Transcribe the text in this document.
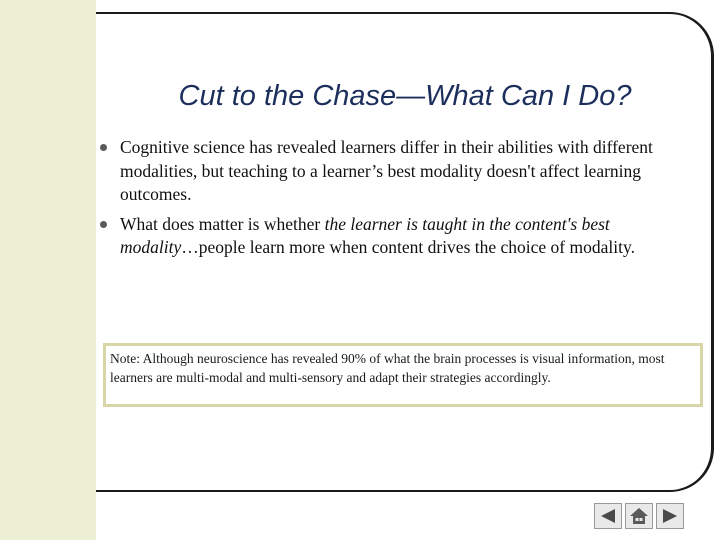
Cut to the Chase—What Can I Do?
Cognitive science has revealed learners differ in their abilities with different modalities, but teaching to a learner’s best modality doesn't affect learning outcomes.
What does matter is whether the learner is taught in the content's best modality…people learn more when content drives the choice of modality.
Note: Although neuroscience has revealed 90% of what the brain processes is visual information, most learners are multi-modal and multi-sensory and adapt their strategies accordingly.
